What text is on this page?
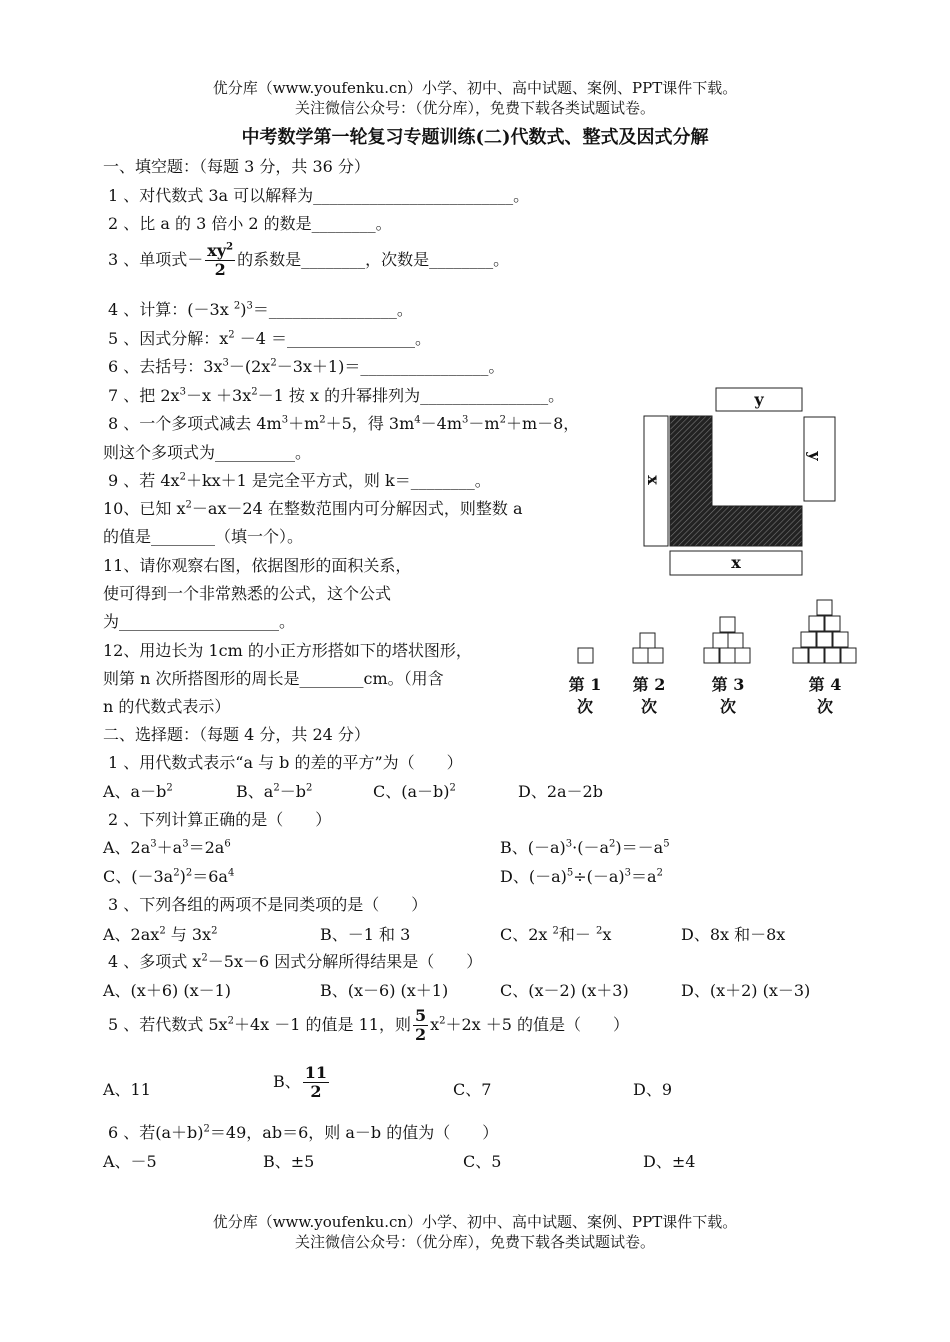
优分库（www.youfenku.cn）小学、初中、高中试题、案例、PPT课件下载。
关注微信公众号：（优分库），免费下载各类试题试卷。
中考数学第一轮复习专题训练(二)代数式、整式及因式分解
一、填空题：（每题 3 分，共 36 分）
1 、对代数式 3a 可以解释为_________________________。
2 、比 a 的 3 倍小 2 的数是________。
3 、单项式－ $\frac{xy^2}{2}$ 的系数是________，次数是________。
4 、计算：(－3x $^2$)$^3$＝________________。
5 、因式分解：$x^2 -4$ ＝________________。
6 、去括号：$3x^3-(2x^2-3x+1)=\_\_\_\_\_\_\_\_\_\_\_\_\_\_\_\_$。
7 、把 $2x^3-x +3x^2-1$ 按 x 的升幂排列为________________。
8 、一个多项式减去 $4m^3+m^2+5$，得 $3m^4-4m^3-m^2+m-8$，
则这个多项式为__________。
9 、若 $4x^2+kx+1$ 是完全平方式，则 k＝________。
10、已知 $x^2-ax-24$ 在整数范围内可分解因式，则整数 a
的值是________（填一个）。
11、请你观察右图，依据图形的面积关系，
使可得到一个非常熟悉的公式，这个公式
为____________________。
12、用边长为 1cm 的小正方形搭如下的塔状图形，
则第 n 次所搭图形的周长是________cm。（用含
n 的代数式表示）
y
y
x
x
第 1
次
第 2
次
第 3
次
第 4
次
二、选择题：（每题 4 分，共 24 分）
1 、用代数式表示“a 与 b 的差的平方”为（　　）
A、$a-b^2$	B、$a^2-b^2$	C、$(a-b)^2$	D、2a－2b
2 、下列计算正确的是（　　）
A、$2a^3+a^3=2a^6$	B、$(-a)^3\cdot(-a^2)=-a^5$
C、$(-3a^2)^2=6a^4$	D、$(-a)^5\div(-a)^3=a^2$
3 、下列各组的两项不是同类项的是（　　）
A、$2ax^2$ 与 $3x^2$	B、－1 和 3	C、2x $^2$和－ $^2$x	D、8x 和－8x
4 、多项式 $x^2-5x-6$ 因式分解所得结果是（　　）
A、(x＋6) (x－1)	B、(x－6) (x＋1)	C、(x－2) (x＋3)	D、(x＋2) (x－3)
5 、若代数式 $5x^2+4x -1$ 的值是 11，则 $\frac{5}{2} x^2+2x +5$ 的值是（　　）
A、11	B、 $\frac{11}{2}$	C、7	D、9
6 、若$(a+b)^2=49$，ab＝6，则 a－b 的值为（　　）
A、－5	B、±5	C、5	D、±4
优分库（www.youfenku.cn）小学、初中、高中试题、案例、PPT课件下载。
关注微信公众号：（优分库），免费下载各类试题试卷。
